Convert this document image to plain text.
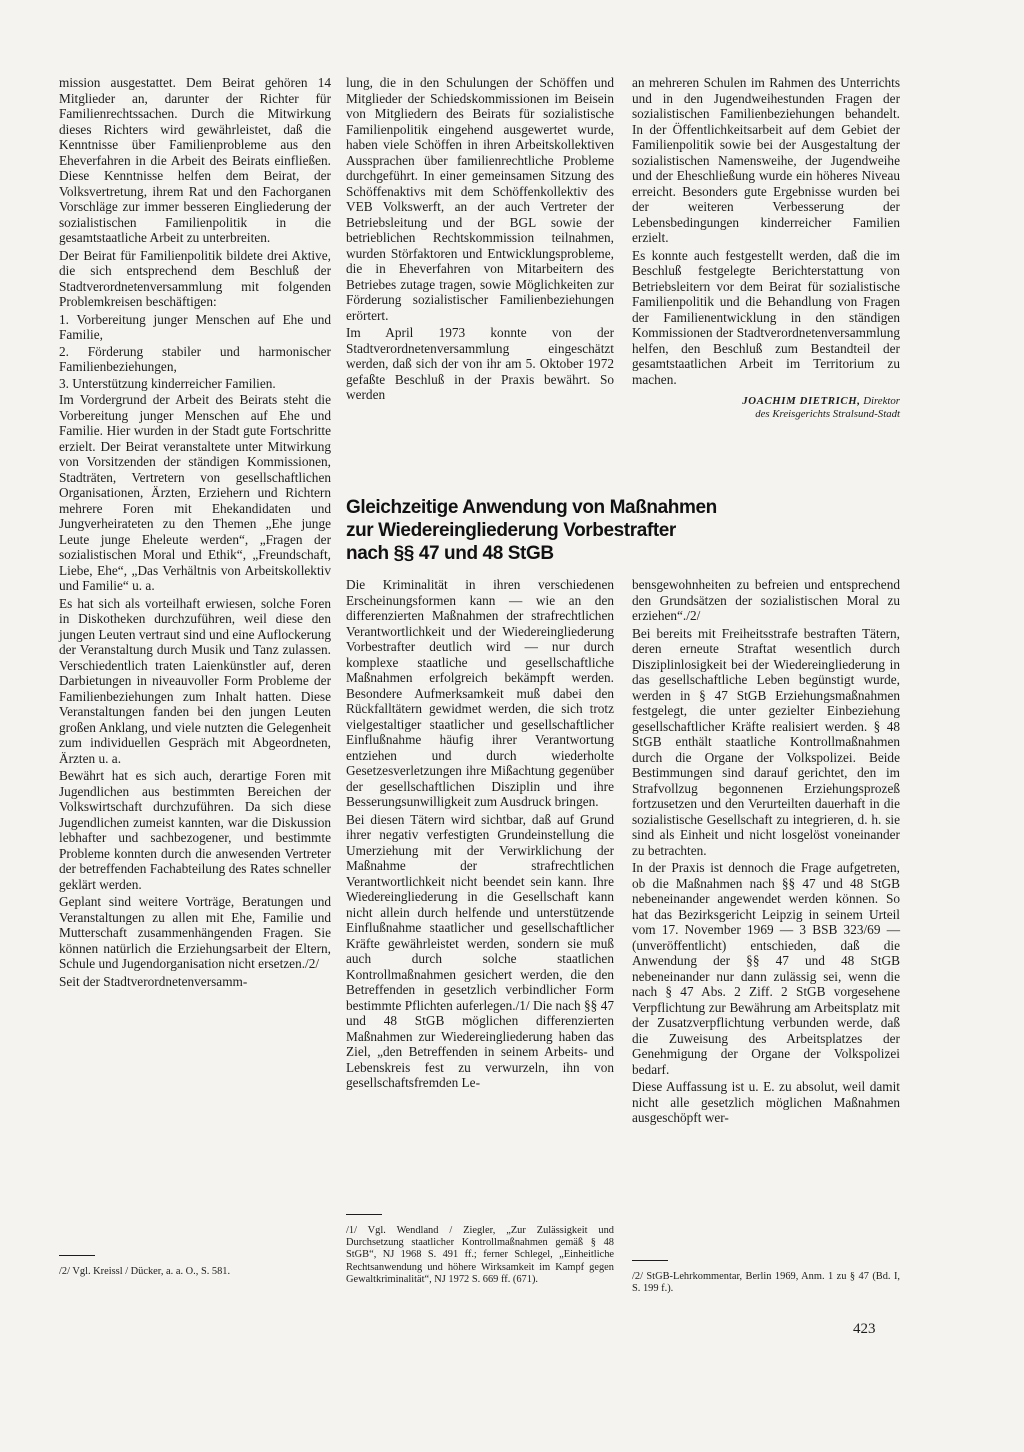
mission ausgestattet. Dem Beirat gehören 14 Mitglieder an, darunter der Richter für Familienrechtssachen. Durch die Mitwirkung dieses Richters wird gewährleistet, daß die Kenntnisse über Familienprobleme aus den Eheverfahren in die Arbeit des Beirats einfließen. Diese Kenntnisse helfen dem Beirat, der Volksvertretung, ihrem Rat und den Fachorganen Vorschläge zur immer besseren Eingliederung der sozialistischen Familienpolitik in die gesamtstaatliche Arbeit zu unterbreiten.

Der Beirat für Familienpolitik bildete drei Aktive, die sich entsprechend dem Beschluß der Stadtverordnetenversammlung mit folgenden Problemkreisen beschäftigen:

1. Vorbereitung junger Menschen auf Ehe und Familie,

2. Förderung stabiler und harmonischer Familienbeziehungen,

3. Unterstützung kinderreicher Familien.

Im Vordergrund der Arbeit des Beirats steht die Vorbereitung junger Menschen auf Ehe und Familie. Hier wurden in der Stadt gute Fortschritte erzielt. Der Beirat veranstaltete unter Mitwirkung von Vorsitzenden der ständigen Kommissionen, Stadträten, Vertretern von gesellschaftlichen Organisationen, Ärzten, Erziehern und Richtern mehrere Foren mit Ehekandidaten und Jungverheirateten zu den Themen „Ehe junge Leute junge Eheleute werden“, „Fragen der sozialistischen Moral und Ethik“, „Freundschaft, Liebe, Ehe“, „Das Verhältnis von Arbeitskollektiv und Familie“ u. a.

Es hat sich als vorteilhaft erwiesen, solche Foren in Diskotheken durchzuführen, weil diese den jungen Leuten vertraut sind und eine Auflockerung der Veranstaltung durch Musik und Tanz zulassen. Verschiedentlich traten Laienkünstler auf, deren Darbietungen in niveauvoller Form Probleme der Familienbeziehungen zum Inhalt hatten. Diese Veranstaltungen fanden bei den jungen Leuten großen Anklang, und viele nutzten die Gelegenheit zum individuellen Gespräch mit Abgeordneten, Ärzten u. a.

Bewährt hat es sich auch, derartige Foren mit Jugendlichen aus bestimmten Bereichen der Volkswirtschaft durchzuführen. Da sich diese Jugendlichen zumeist kannten, war die Diskussion lebhafter und sachbezogener, und bestimmte Probleme konnten durch die anwesenden Vertreter der betreffenden Fachabteilung des Rates schneller geklärt werden.

Geplant sind weitere Vorträge, Beratungen und Veranstaltungen zu allen mit Ehe, Familie und Mutterschaft zusammenhängenden Fragen. Sie können natürlich die Erziehungsarbeit der Eltern, Schule und Jugendorganisation nicht ersetzen./2/

Seit der Stadtverordnetenversamm-

/2/ Vgl. Kreissl / Dücker, a. a. O., S. 581.

lung, die in den Schulungen der Schöffen und Mitglieder der Schiedskommissionen im Beisein von Mitgliedern des Beirats für sozialistische Familienpolitik eingehend ausgewertet wurde, haben viele Schöffen in ihren Arbeitskollektiven Aussprachen über familienrechtliche Probleme durchgeführt. In einer gemeinsamen Sitzung des Schöffenaktivs mit dem Schöffenkollektiv des VEB Volkswerft, an der auch Vertreter der Betriebsleitung und der BGL sowie der betrieblichen Rechtskommission teilnahmen, wurden Störfaktoren und Entwicklungsprobleme, die in Eheverfahren von Mitarbeitern des Betriebes zutage tragen, sowie Möglichkeiten zur Förderung sozialistischer Familienbeziehungen erörtert.

Im April 1973 konnte von der Stadtverordnetenversammlung eingeschätzt werden, daß sich der von ihr am 5. Oktober 1972 gefaßte Beschluß in der Praxis bewährt. So werden

an mehreren Schulen im Rahmen des Unterrichts und in den Jugendweihestunden Fragen der sozialistischen Familienbeziehungen behandelt. In der Öffentlichkeitsarbeit auf dem Gebiet der Familienpolitik sowie bei der Ausgestaltung der sozialistischen Namensweihe, der Jugendweihe und der Eheschließung wurde ein höheres Niveau erreicht. Besonders gute Ergebnisse wurden bei der weiteren Verbesserung der Lebensbedingungen kinderreicher Familien erzielt.

Es konnte auch festgestellt werden, daß die im Beschluß festgelegte Berichterstattung von Betriebsleitern vor dem Beirat für sozialistische Familienpolitik und die Behandlung von Fragen der Familienentwicklung in den ständigen Kommissionen der Stadtverordnetenversammlung helfen, den Beschluß zum Bestandteil der gesamtstaatlichen Arbeit im Territorium zu machen.

JOACHIM DIETRICH, Direktor
des Kreisgerichts Stralsund-Stadt
Gleichzeitige Anwendung von Maßnahmen
zur Wiedereingliederung Vorbestrafter
nach §§ 47 und 48 StGB

Die Kriminalität in ihren verschiedenen Erscheinungsformen kann — wie an den differenzierten Maßnahmen der strafrechtlichen Verantwortlichkeit und der Wiedereingliederung Vorbestrafter deutlich wird — nur durch komplexe staatliche und gesellschaftliche Maßnahmen erfolgreich bekämpft werden. Besondere Aufmerksamkeit muß dabei den Rückfalltätern gewidmet werden, die sich trotz vielgestaltiger staatlicher und gesellschaftlicher Einflußnahme häufig ihrer Verantwortung entziehen und durch wiederholte Gesetzesverletzungen ihre Mißachtung gegenüber der gesellschaftlichen Disziplin und ihre Besserungsunwilligkeit zum Ausdruck bringen.

Bei diesen Tätern wird sichtbar, daß auf Grund ihrer negativ verfestigten Grundeinstellung die Umerziehung mit der Verwirklichung der Maßnahme der strafrechtlichen Verantwortlichkeit nicht beendet sein kann. Ihre Wiedereingliederung in die Gesellschaft kann nicht allein durch helfende und unterstützende Einflußnahme staatlicher und gesellschaftlicher Kräfte gewährleistet werden, sondern sie muß auch durch solche staatlichen Kontrollmaßnahmen gesichert werden, die den Betreffenden in gesetzlich verbindlicher Form bestimmte Pflichten auferlegen./1/ Die nach §§ 47 und 48 StGB möglichen differenzierten Maßnahmen zur Wiedereingliederung haben das Ziel, „den Betreffenden in seinem Arbeits- und Lebenskreis fest zu verwurzeln, ihn von gesellschaftsfremden Le-

/1/ Vgl. Wendland / Ziegler, „Zur Zulässigkeit und Durchsetzung staatlicher Kontrollmaßnahmen gemäß § 48 StGB“, NJ 1968 S. 491 ff.; ferner Schlegel, „Einheitliche Rechtsanwendung und höhere Wirksamkeit im Kampf gegen Gewaltkriminalität“, NJ 1972 S. 669 ff. (671).

bensgewohnheiten zu befreien und entsprechend den Grundsätzen der sozialistischen Moral zu erziehen“./2/

Bei bereits mit Freiheitsstrafe bestraften Tätern, deren erneute Straftat wesentlich durch Disziplinlosigkeit bei der Wiedereingliederung in das gesellschaftliche Leben begünstigt wurde, werden in § 47 StGB Erziehungsmaßnahmen festgelegt, die unter gezielter Einbeziehung gesellschaftlicher Kräfte realisiert werden. § 48 StGB enthält staatliche Kontrollmaßnahmen durch die Organe der Volkspolizei. Beide Bestimmungen sind darauf gerichtet, den im Strafvollzug begonnenen Erziehungsprozeß fortzusetzen und den Verurteilten dauerhaft in die sozialistische Gesellschaft zu integrieren, d. h. sie sind als Einheit und nicht losgelöst voneinander zu betrachten.

In der Praxis ist dennoch die Frage aufgetreten, ob die Maßnahmen nach §§ 47 und 48 StGB nebeneinander angewendet werden können. So hat das Bezirksgericht Leipzig in seinem Urteil vom 17. November 1969 — 3 BSB 323/69 — (unveröffentlicht) entschieden, daß die Anwendung der §§ 47 und 48 StGB nebeneinander nur dann zulässig sei, wenn die nach § 47 Abs. 2 Ziff. 2 StGB vorgesehene Verpflichtung zur Bewährung am Arbeitsplatz mit der Zusatzverpflichtung verbunden werde, daß die Zuweisung des Arbeitsplatzes der Genehmigung der Organe der Volkspolizei bedarf.

Diese Auffassung ist u. E. zu absolut, weil damit nicht alle gesetzlich möglichen Maßnahmen ausgeschöpft wer-

/2/ StGB-Lehrkommentar, Berlin 1969, Anm. 1 zu § 47 (Bd. I, S. 199 f.).

423
